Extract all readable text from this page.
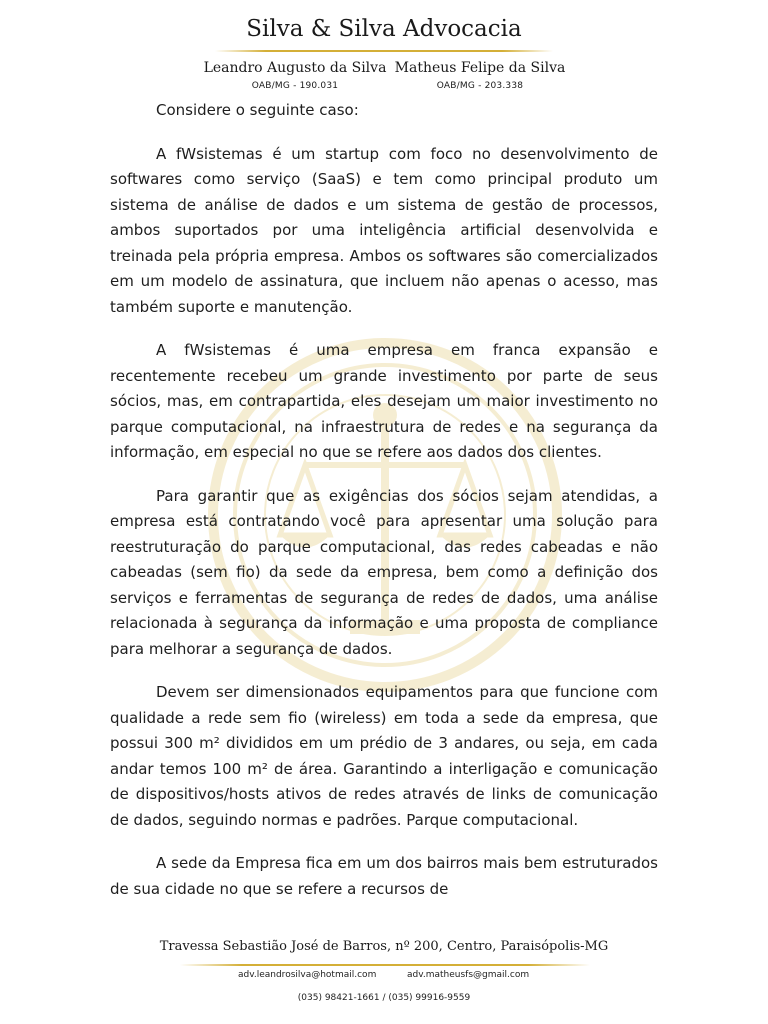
Silva & Silva Advocacia
Leandro Augusto da Silva
OAB/MG - 190.031
Matheus Felipe da Silva
OAB/MG - 203.338

Considere o seguinte caso:

A fWsistemas é um startup com foco no desenvolvimento de softwares como serviço (SaaS) e tem como principal produto um sistema de análise de dados e um sistema de gestão de processos, ambos suportados por uma inteligência artificial desenvolvida e treinada pela própria empresa. Ambos os softwares são comercializados em um modelo de assinatura, que incluem não apenas o acesso, mas também suporte e manutenção.

A fWsistemas é uma empresa em franca expansão e recentemente recebeu um grande investimento por parte de seus sócios, mas, em contrapartida, eles desejam um maior investimento no parque computacional, na infraestrutura de redes e na segurança da informação, em especial no que se refere aos dados dos clientes.

Para garantir que as exigências dos sócios sejam atendidas, a empresa está contratando você para apresentar uma solução para reestruturação do parque computacional, das redes cabeadas e não cabeadas (sem fio) da sede da empresa, bem como a definição dos serviços e ferramentas de segurança de redes de dados, uma análise relacionada à segurança da informação e uma proposta de compliance para melhorar a segurança de dados.

Devem ser dimensionados equipamentos para que funcione com qualidade a rede sem fio (wireless) em toda a sede da empresa, que possui 300 m² divididos em um prédio de 3 andares, ou seja, em cada andar temos 100 m² de área. Garantindo a interligação e comunicação de dispositivos/hosts ativos de redes através de links de comunicação de dados, seguindo normas e padrões. Parque computacional.

A sede da Empresa fica em um dos bairros mais bem estruturados de sua cidade no que se refere a recursos de

Travessa Sebastião José de Barros, nº 200, Centro, Paraisópolis-MG
adv.leandrosilva@hotmail.com	adv.matheusfs@gmail.com
(035) 98421-1661 / (035) 99916-9559
